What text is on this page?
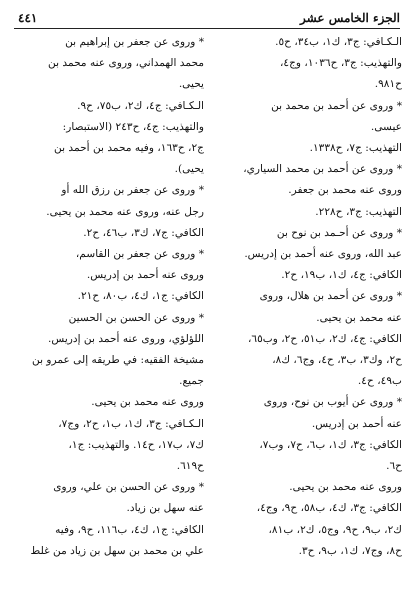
الجزء الخامس عشر
٤٤١

الـكـافي: ج٣، ك١، ب٣٤، ح٥.
والتهذيب: ج٣، ح١٠٣٦، وج٤،
ح٩٨١.

* وروى عن أحمد بن محمد بن
عيسى.

التهذيب: ج٧، ح١٣٣٨.

* وروى عن أحمد بن محمد السياري،
وروى عنه محمد بن جعفر.

التهذيب: ج٣، ح٢٢٨.

* وروى عن أحـمد بن نوح بن
عبد الله، وروى عنه أحمد بن إدريس.

الكافي: ج٤، ك١، ب١٩، ح٢.

* وروى عن أحمد بن هلال، وروى
عنه محمد بن يحيى.

الكافي: ج٤، ك٢، ب٥١، ح٢، وب٦٥،
ح٢، وك٣، ب٣، ح٤، وج٦، ك٨،
ب٤٩، ح٤.

* وروى عن أيوب بن نوح، وروى
عنه أحمد بن إدريس.

الكافي: ج٣، ك١، ب٦، ح٧، وب٧،
ح٦.

وروى عنه محمد بن يحيى.

الكافي: ج٣، ك٤، ب٥٨، ح٩، وج٤،
ك٢، ب٩، ح٩، وج٥، ك٢، ب٨١،
ح٨، وج٧، ك١، ب٩، ح٣.

* وروى عن جعفر بن إبراهيم بن
محمد الهمداني، وروى عنه محمد بن
يحيى.

الـكـافي: ج٤، ك٢، ب٧٥، ح٩.
والتهذيب: ج٤، ح٢٤٣ (الاستبصار:
ج٢، ح١٦٣، وفيه محمد بن أحمد بن
يحيى).

* وروى عن جعفر بن رزق الله أو
رجل عنه، وروى عنه محمد بن يحيى.

الكافي: ج٧، ك٣، ب٤٦، ح٢.

* وروى عن جعفر بن القاسم،
وروى عنه أحمد بن إدريس.

الكافي: ج١، ك٤، ب٨٠، ح٢١.

* وروى عن الحسن بن الحسين
اللؤلؤي، وروى عنه أحمد بن إدريس.
مشيخة الفقيه: في طريقه إلى عمرو بن
جميع.

وروى عنه محمد بن يحيى.

الـكـافي: ج٣، ك١، ب١، ح٢، وج٧،
ك٧، ب١٧، ح١٤. والتهذيب: ج١،
ح٦١٩.

* وروى عن الحسن بن علي، وروى
عنه سهل بن زياد.

الكافي: ج١، ك٤، ب١١٦، ح٩، وفيه
علي بن محمد بن سهل بن زياد من غلط
